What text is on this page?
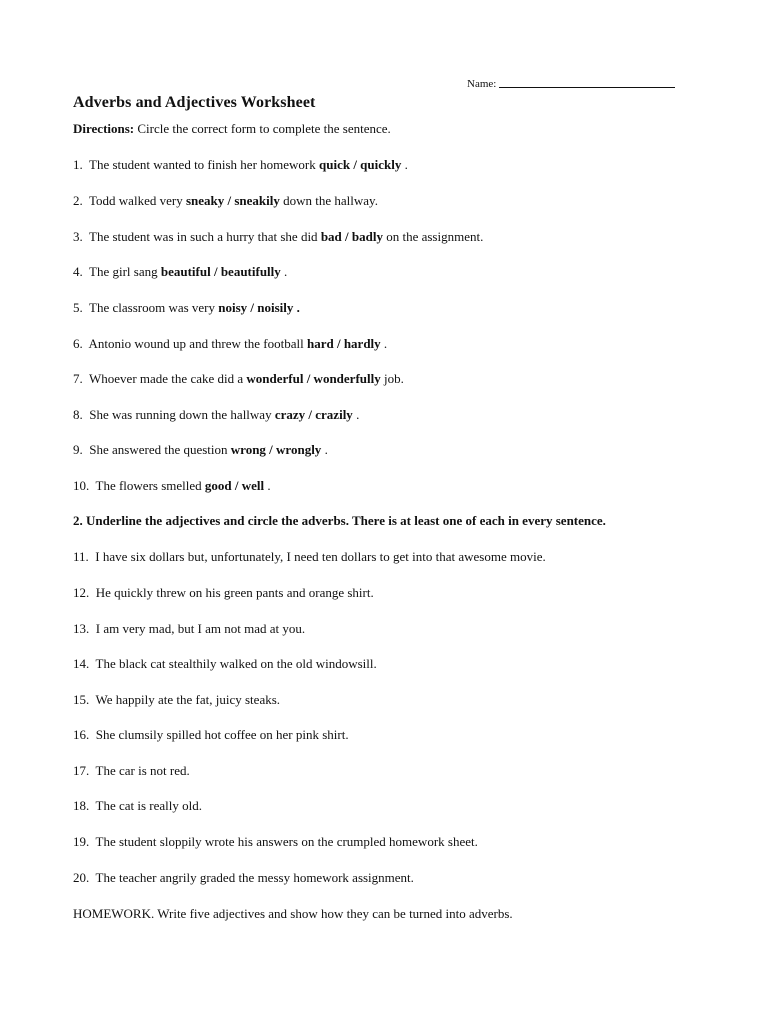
Name:
Adverbs and Adjectives Worksheet
Directions: Circle the correct form to complete the sentence.
1. The student wanted to finish her homework quick / quickly .
2. Todd walked very sneaky / sneakily down the hallway.
3. The student was in such a hurry that she did bad / badly on the assignment.
4. The girl sang beautiful / beautifully .
5. The classroom was very noisy / noisily .
6. Antonio wound up and threw the football hard / hardly .
7. Whoever made the cake did a wonderful / wonderfully job.
8. She was running down the hallway crazy / crazily .
9. She answered the question wrong / wrongly .
10. The flowers smelled good / well .
2. Underline the adjectives and circle the adverbs. There is at least one of each in every sentence.
11. I have six dollars but, unfortunately, I need ten dollars to get into that awesome movie.
12. He quickly threw on his green pants and orange shirt.
13. I am very mad, but I am not mad at you.
14. The black cat stealthily walked on the old windowsill.
15. We happily ate the fat, juicy steaks.
16. She clumsily spilled hot coffee on her pink shirt.
17. The car is not red.
18. The cat is really old.
19. The student sloppily wrote his answers on the crumpled homework sheet.
20. The teacher angrily graded the messy homework assignment.
HOMEWORK. Write five adjectives and show how they can be turned into adverbs.
